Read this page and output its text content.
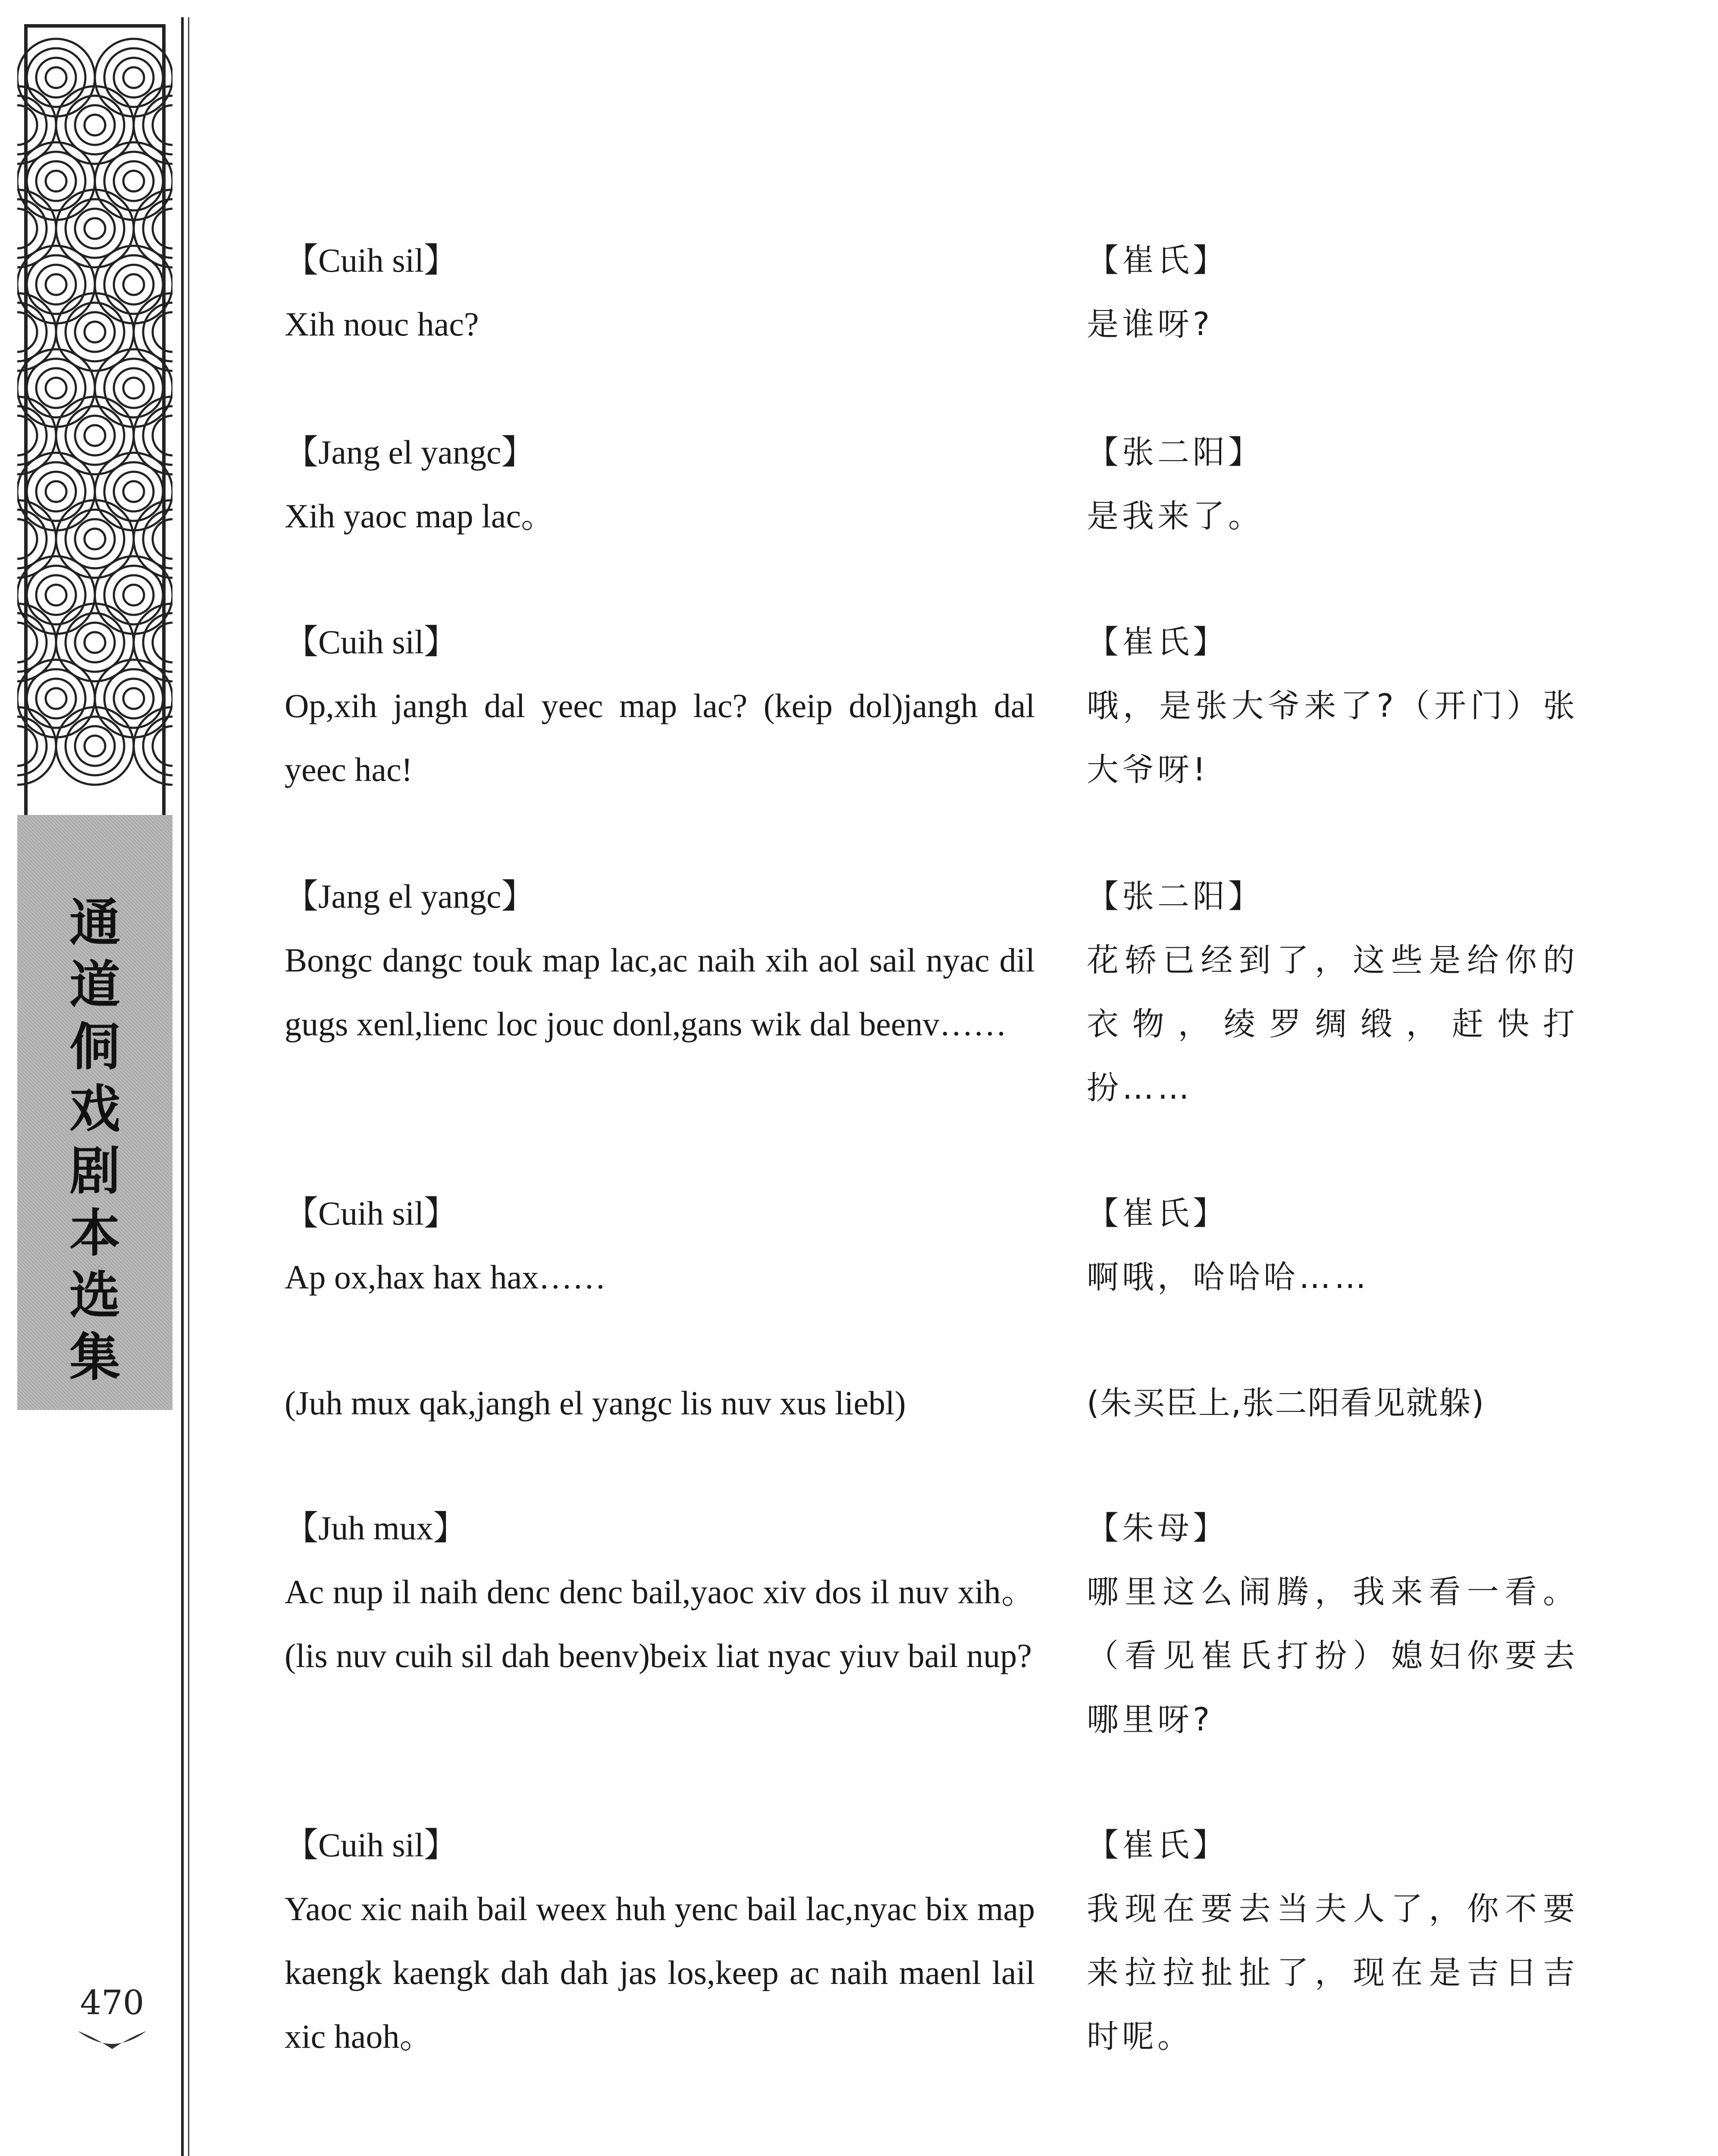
通
道
侗
戏
剧
本
选
集
470
【Cuih sil】
Xih nouc hac?
【崔氏】
是谁呀?
【Jang el yangc】
Xih yaoc map lac。
【张二阳】
是我来了。
【Cuih sil】
Op,xih jangh dal yeec map lac? (keip dol)jangh dal yeec hac!
【崔氏】
哦，是张大爷来了?（开门）张大爷呀!
【Jang el yangc】
Bongc dangc touk map lac,ac naih xih aol sail nyac dil gugs xenl,lienc loc jouc donl,gans wik dal beenv……
【张二阳】
花轿已经到了，这些是给你的衣物，绫罗绸缎，赶快打扮……
【Cuih sil】
Ap ox,hax hax hax……
【崔氏】
啊哦，哈哈哈……
(Juh mux qak,jangh el yangc lis nuv xus liebl)	(朱买臣上,张二阳看见就躲)
【Juh mux】
Ac nup il naih denc denc bail,yaoc xiv dos il nuv xih。(lis nuv cuih sil dah beenv)beix liat nyac yiuv bail nup?
【朱母】
哪里这么闹腾，我来看一看。（看见崔氏打扮）媳妇你要去哪里呀?
【Cuih sil】
Yaoc xic naih bail weex huh yenc bail lac,nyac bix map kaengk kaengk dah dah jas los,keep ac naih maenl lail xic haoh。
【崔氏】
我现在要去当夫人了，你不要来拉拉扯扯了，现在是吉日吉时呢。
